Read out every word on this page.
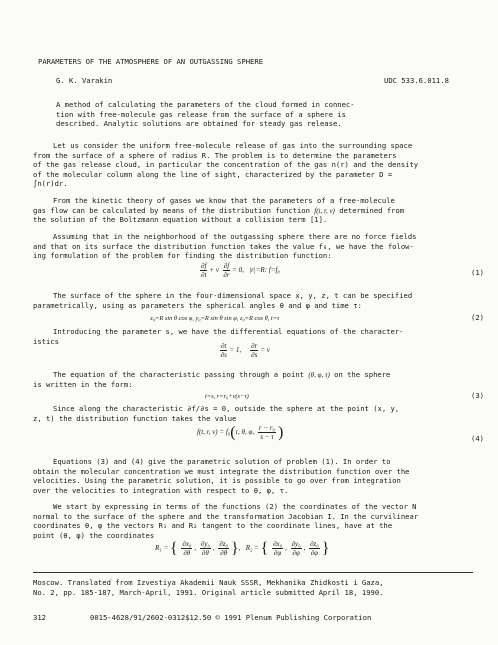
PARAMETERS OF THE ATMOSPHERE OF AN OUTGASSING SPHERE
G. K. Varakin	UDC 533.6.011.8
A method of calculating the parameters of the cloud formed in connec-
tion with free-molecule gas release from the surface of a sphere is
described. Analytic solutions are obtained for steady gas release.
Let us consider the uniform free-molecule release of gas into the surrounding space
from the surface of a sphere of radius R. The problem is to determine the parameters
of the gas release cloud, in particular the concentration of the gas n(r) and the density
of the molecular column along the line of sight, characterized by the parameter D =
∫n(r)dr.
From the kinetic theory of gases we know that the parameters of a free-molecule
gas flow can be calculated by means of the distribution function f(t, r, v) determined from
the solution of the Boltzmann equation without a collision term [1].
Assuming that in the neighborhood of the outgassing sphere there are no force fields
and that on its surface the distribution function takes the value f₀, we have the folow-
ing formulation of the problem for finding the distribution function:
$\frac{\partial f}{\partial t} + v \frac{\partial f}{\partial r} = 0$,   |r|=R: f=f₀	(1)
The surface of the sphere in the four-dimensional space x, y, z, t can be specified
parametrically, using as parameters the spherical angles θ and φ and time τ:
x₀=R sin θ cos φ, y₀=R sin θ sin φ, z₀=R cos θ, t=τ	(2)
Introducing the parameter s, we have the differential equations of the character-
istics
$\frac{\partial t}{\partial s} = 1$, $\frac{\partial r}{\partial s} = v$
The equation of the characteristic passing through a point (θ, φ, τ) on the sphere
is written in the form:
t=s, r=r₀+v(s−τ)	(3)
Since along the characteristic ∂f/∂s = 0, outside the sphere at the point (x, y,
z, t) the distribution function takes the value
f(t, r, v) = f₀(τ, θ, φ, $\frac{\text{r − r₀}}{s - \tau}$ )	(4)
Equations (3) and (4) give the parametric solution of problem (1). In order to
obtain the molecular concentration we must integrate the distribution function over the
velocities. Using the parametric solution, it is possible to go over from integration
over the velocities to integration with respect to θ, φ, τ.
We start by expressing in terms of the functions (2) the coordinates of the vector N
normal to the surface of the sphere and the transformation Jacobian I. In the curvilinear
coordinates θ, φ the vectors R₁ and R₂ tangent to the coordinate lines, have at the
point (θ, φ) the coordinates
R₁ = { $\frac{\text{∂x₀}}{\partial\theta}$ , $\frac{\text{∂y₀}}{\partial\theta}$ , $\frac{\text{∂z₀}}{\partial\theta}$ },   R₂ = { $\frac{\text{∂x₀}}{\partial\varphi}$ , $\frac{\text{∂y₀}}{\partial\varphi}$ , $\frac{\text{∂z₀}}{\partial\varphi}$ }
Moscow. Translated from Izvestiya Akademii Nauk SSSR, Mekhanika Zhidkosti i Gaza,
No. 2, pp. 185-187, March-April, 1991. Original article submitted April 18, 1990.
312	0015-4628/91/2602-0312$12.50 © 1991 Plenum Publishing Corporation
